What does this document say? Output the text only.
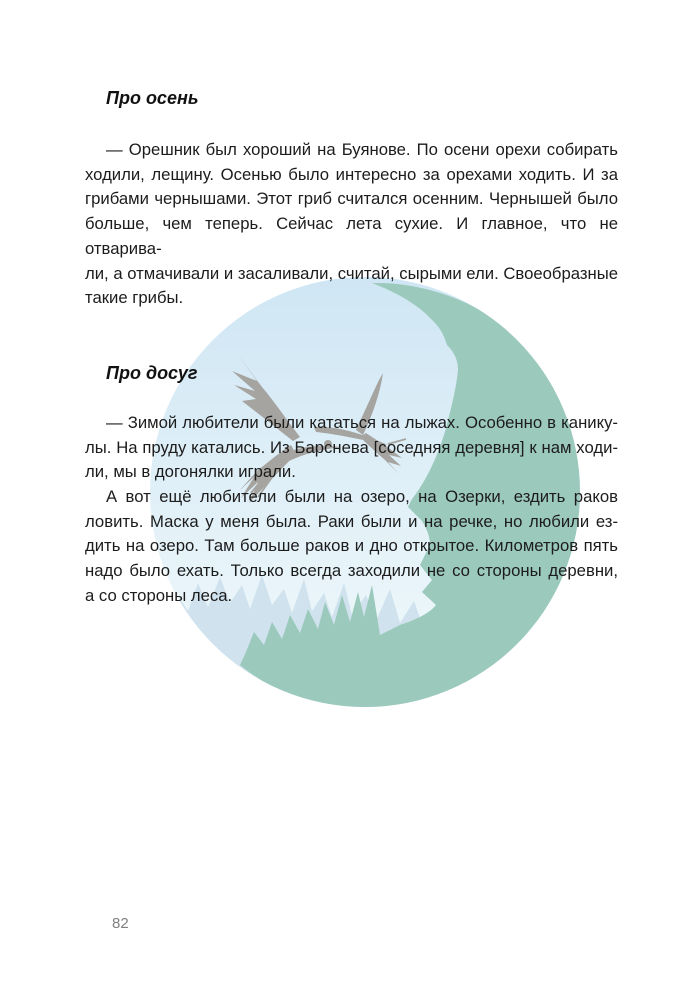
Про осень
— Орешник был хороший на Буянове. По осени орехи собирать
ходили, лещину. Осенью было интересно за орехами ходить. И за
грибами чернышами. Этот гриб считался осенним. Чернышей было
больше, чем теперь. Сейчас лета сухие. И главное, что не отварива-
ли, а отмачивали и засаливали, считай, сырыми ели. Своеобразные
такие грибы.
Про досуг
— Зимой любители были кататься на лыжах. Особенно в канику-
лы. На пруду катались. Из Барснева [соседняя деревня] к нам ходи-
ли, мы в догонялки играли.
А вот ещё любители были на озеро, на Озерки, ездить раков
ловить. Маска у меня была. Раки были и на речке, но любили ез-
дить на озеро. Там больше раков и дно открытое. Километров пять
надо было ехать. Только всегда заходили не со стороны деревни,
а со стороны леса.
82
